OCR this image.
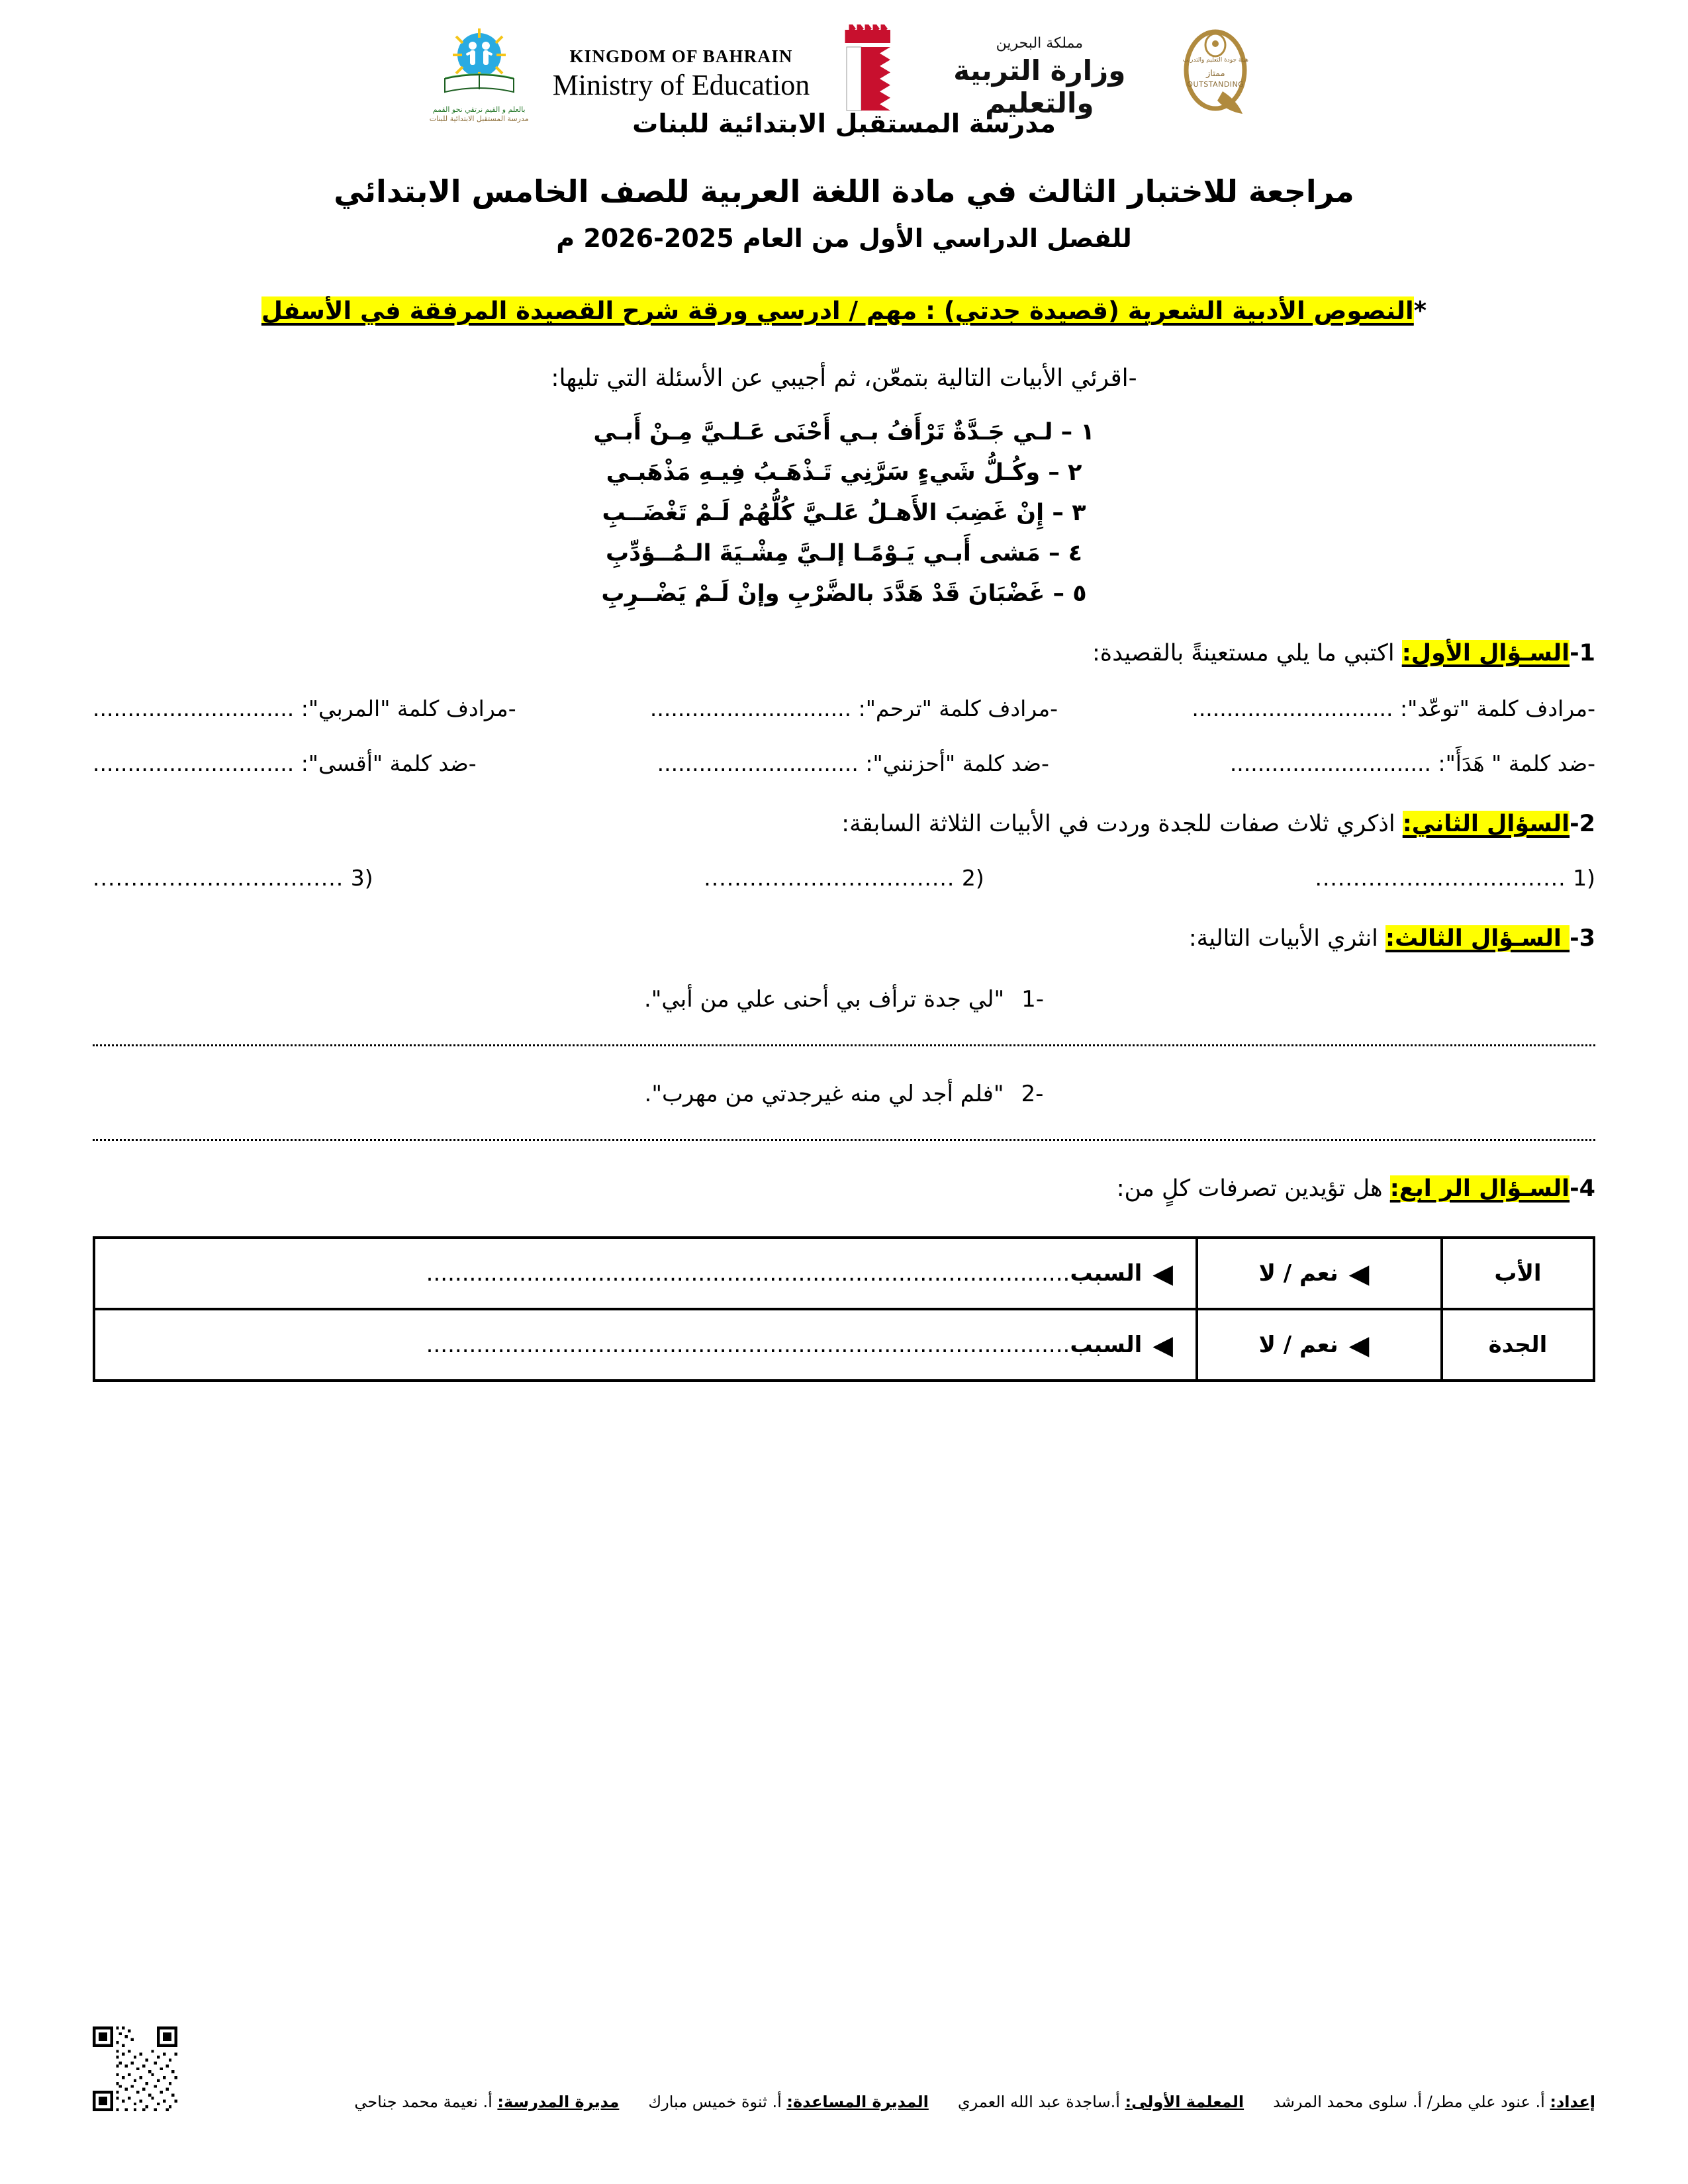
بالعلم و القيم نرتقي نحو القمم
مدرسة المستقبل الابتدائية للبنات
KINGDOM OF BAHRAIN
Ministry of Education
مملكة البحرين
وزارة التربية والتعليم
هيئة جودة التعليم والتدريب
ممتاز
OUTSTANDING
مدرسة المستقبل الابتدائية للبنات
مراجعة للاختبار الثالث في مادة اللغة العربية للصف الخامس الابتدائي
للفصل الدراسي الأول من العام 2025-2026 م
*النصوص الأدبية الشعرية (قصيدة جدتي) : مهم / ادرسي ورقة شرح القصيدة المرفقة في الأسفل
-اقرئي الأبيات التالية بتمعّن، ثم أجيبي عن الأسئلة التي تليها:
١ – لـي جَـدَّةٌ تَرْأَفُ بـي أَحْنَى عَـلـيَّ مِـنْ أَبـي
٢ – وكُـلُّ شَيءٍ سَرَّنِي تَـذْهَـبُ فِيـهِ مَذْهَبـي
٣ – إِنْ غَضِبَ الأَهـلُ عَلـيَّ كُلُّهُمْ لَـمْ تَغْضَــبِ
٤ – مَشى أَبـي يَـوْمًـا إلـيَّ مِشْـيَةَ الـمُــؤدِّبِ
٥ – غَضْبَانَ قَدْ هَدَّدَ بالضَّرْبِ وإنْ لَـمْ يَضْــرِبِ
1-السـؤال الأول: اكتبي ما يلي مستعينةً بالقصيدة:
-مرادف كلمة "توعّد": .............................
-مرادف كلمة "ترحم": .............................
-مرادف كلمة "المربي": .............................
-ضد كلمة " هَدَأَ": .............................
-ضد كلمة "أحزنني": .............................
-ضد كلمة "أقسى": .............................
2-السؤال الثاني: اذكري ثلاث صفات للجدة وردت في الأبيات الثلاثة السابقة:
(1 .................................
(2 .................................
(3 .................................
3- السـؤال الثالث: انثري الأبيات التالية:
-1"لي جدة ترأف بي أحنى علي من أبي".
-2"فلم أجد لي منه غيرجدتي من مهرب".
4-السـؤال الر ابع: هل تؤيدين تصرفات كلٍ من:
الأب	◀نعم / لا	◀السبب..........................................................................................
الجدة	◀نعم / لا	◀السبب..........................................................................................
إعداد: أ. عنود علي مطر/ أ. سلوى محمد المرشد
المعلمة الأولى: أ.ساجدة عبد الله العمري
المديرة المساعدة: أ. ثنوة خميس مبارك
مديرة المدرسة: أ. نعيمة محمد جناحي
